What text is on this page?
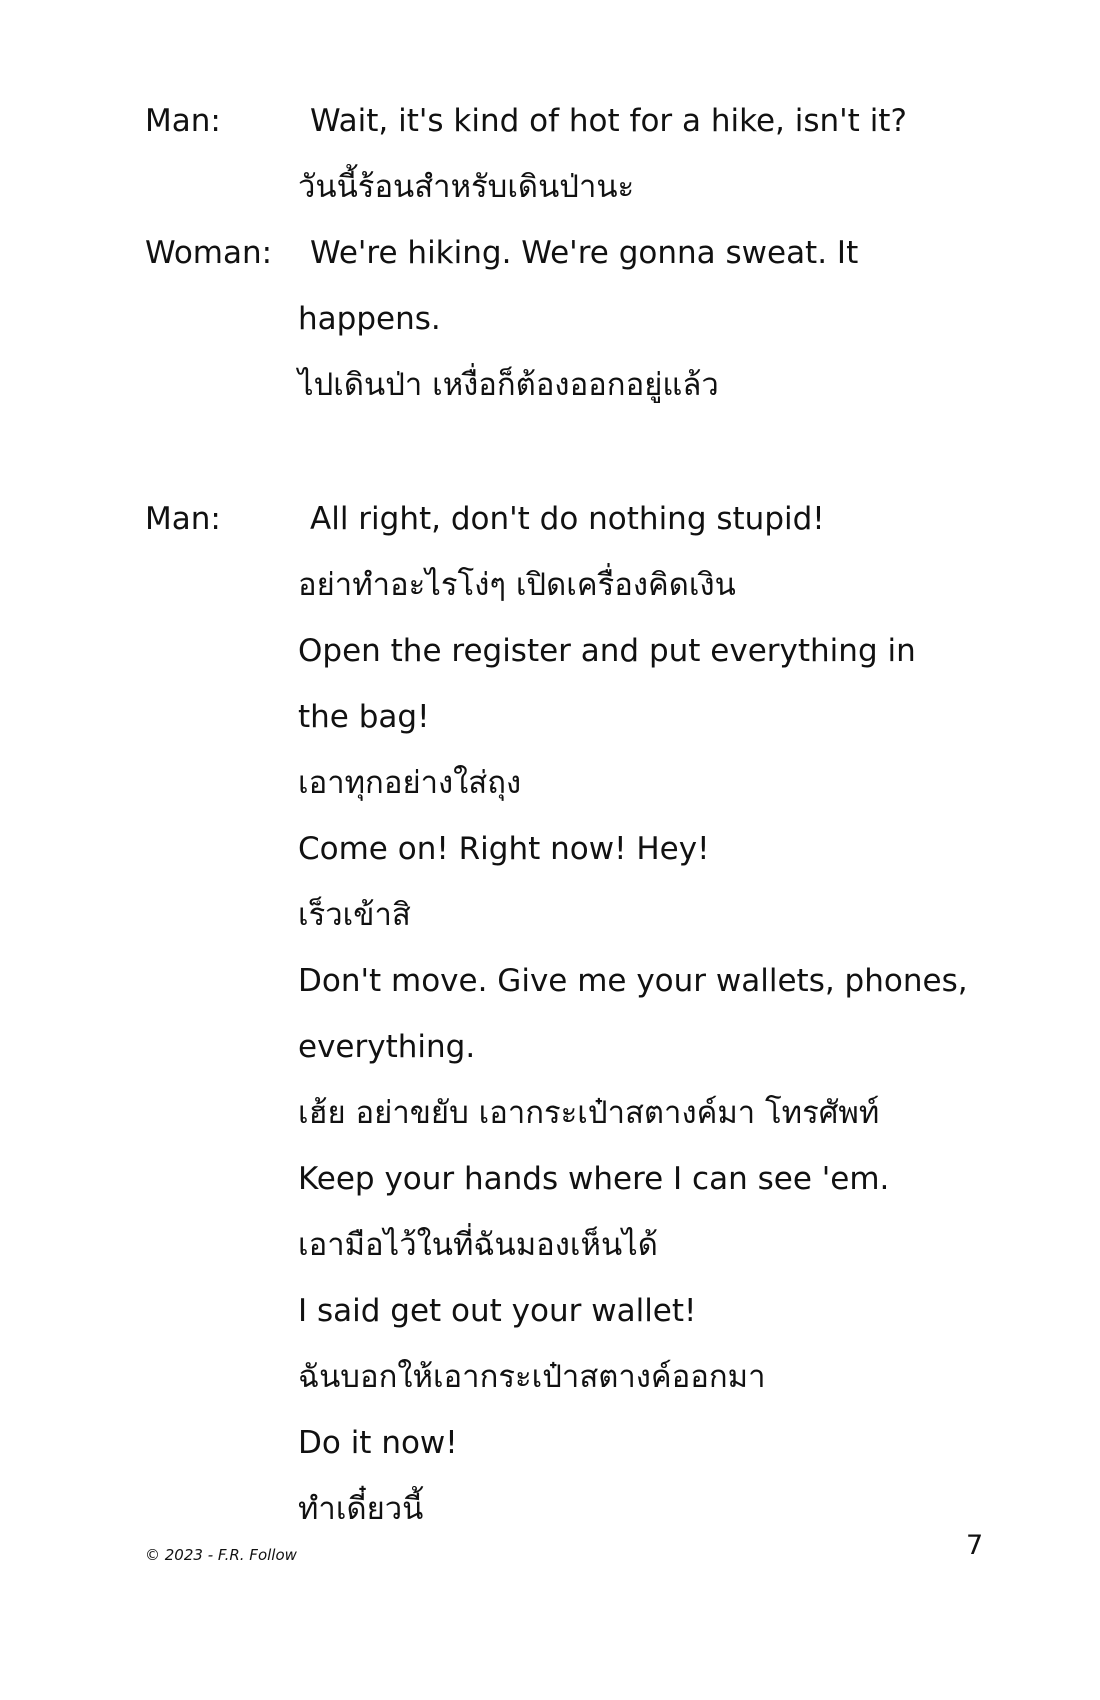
Man:	Wait, it's kind of hot for a hike, isn't it?
วันนี้ร้อนสำหรับเดินป่านะ
Woman:	We're hiking. We're gonna sweat. It
happens.
ไปเดินป่า เหงื่อก็ต้องออกอยู่แล้ว
Man:	All right, don't do nothing stupid!
อย่าทำอะไรโง่ๆ เปิดเครื่องคิดเงิน
Open the register and put everything in
the bag!
เอาทุกอย่างใส่ถุง
Come on! Right now! Hey!
เร็วเข้าสิ
Don't move. Give me your wallets, phones,
everything.
เฮ้ย อย่าขยับ เอากระเป๋าสตางค์มา โทรศัพท์
Keep your hands where I can see 'em.
เอามือไว้ในที่ฉันมองเห็นได้
I said get out your wallet!
ฉันบอกให้เอากระเป๋าสตางค์ออกมา
Do it now!
ทำเดี๋ยวนี้
© 2023 - F.R. Follow	7
